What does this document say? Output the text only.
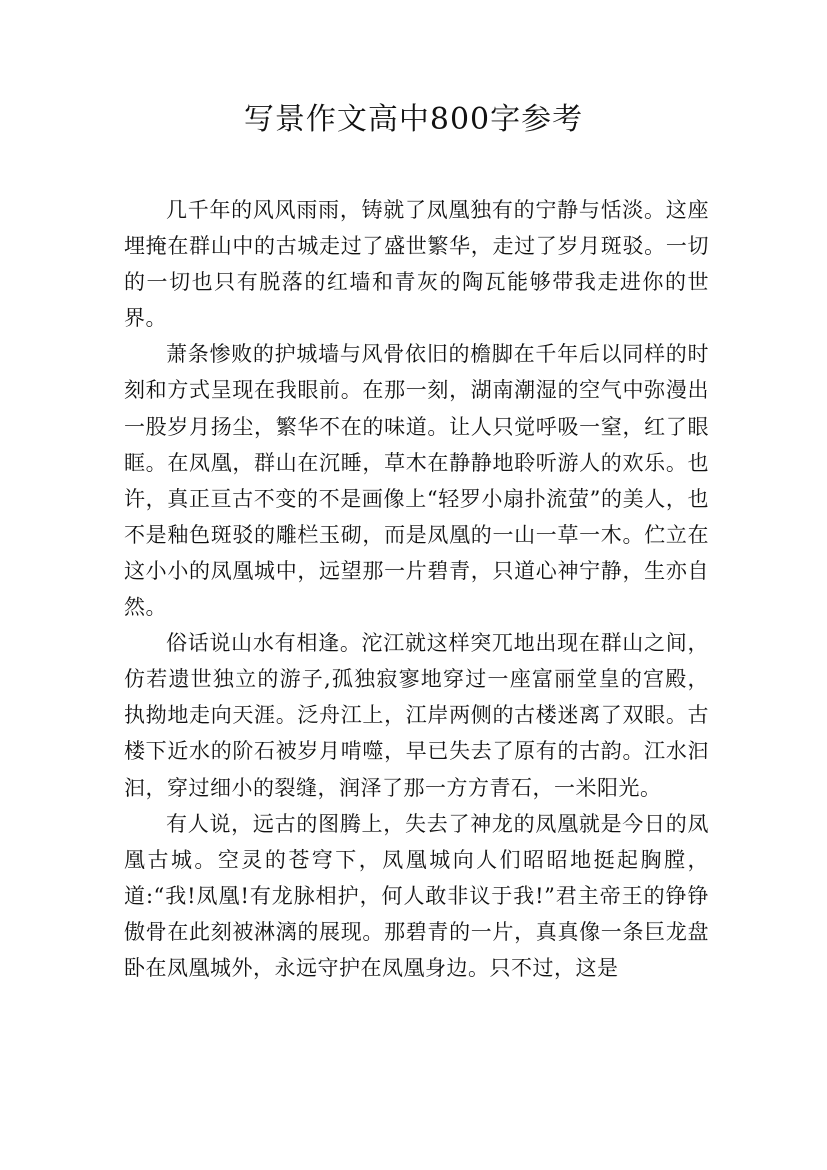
写景作文高中800字参考

几千年的风风雨雨，铸就了凤凰独有的宁静与恬淡。这座埋掩在群山中的古城走过了盛世繁华，走过了岁月斑驳。一切的一切也只有脱落的红墙和青灰的陶瓦能够带我走进你的世界。

萧条惨败的护城墙与风骨依旧的檐脚在千年后以同样的时刻和方式呈现在我眼前。在那一刻，湖南潮湿的空气中弥漫出一股岁月扬尘，繁华不在的味道。让人只觉呼吸一窒，红了眼眶。在凤凰，群山在沉睡，草木在静静地聆听游人的欢乐。也许，真正亘古不变的不是画像上“轻罗小扇扑流萤”的美人，也不是釉色斑驳的雕栏玉砌，而是凤凰的一山一草一木。伫立在这小小的凤凰城中，远望那一片碧青，只道心神宁静，生亦自然。

俗话说山水有相逢。沱江就这样突兀地出现在群山之间，仿若遗世独立的游子,孤独寂寥地穿过一座富丽堂皇的宫殿，执拗地走向天涯。泛舟江上，江岸两侧的古楼迷离了双眼。古楼下近水的阶石被岁月啃噬，早已失去了原有的古韵。江水汩汩，穿过细小的裂缝，润泽了那一方方青石，一米阳光。

有人说，远古的图腾上，失去了神龙的凤凰就是今日的凤凰古城。空灵的苍穹下，凤凰城向人们昭昭地挺起胸膛，道:“我!凤凰!有龙脉相护，何人敢非议于我!”君主帝王的铮铮傲骨在此刻被淋漓的展现。那碧青的一片，真真像一条巨龙盘卧在凤凰城外，永远守护在凤凰身边。只不过，这是
